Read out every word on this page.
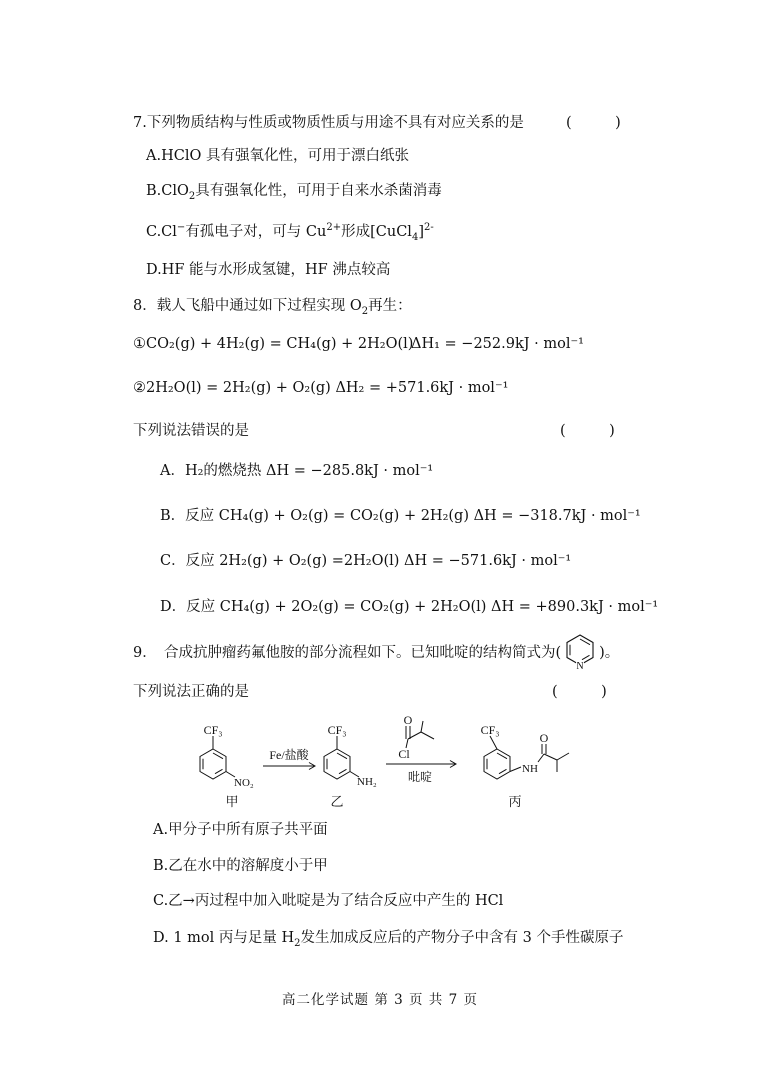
7.下列物质结构与性质或物质性质与用途不具有对应关系的是	(　　　)
A.HClO 具有强氧化性，可用于漂白纸张
B.ClO$_2$具有强氧化性，可用于自来水杀菌消毒
C.Cl−有孤电子对，可与 $Cu^{2+}$形成[CuCl$_4$]$^{2-}$
D.HF 能与水形成氢键，HF 沸点较高
8．载人飞船中通过如下过程实现 $O_2$再生：
①CO₂(g) + 4H₂(g) = CH₄(g) + 2H₂O(l)
ΔH₁ = −252.9kJ · mol⁻¹
②2H₂O(l) = 2H₂(g) + O₂(g) ΔH₂ = +571.6kJ · mol⁻¹
下列说法错误的是	(　　　)
A．H₂的燃烧热 ΔH = −285.8kJ · mol⁻¹
B．反应 CH₄(g) + O₂(g) = CO₂(g) + 2H₂(g) ΔH = −318.7kJ · mol⁻¹
C．反应 2H₂(g) + O₂(g) =2H₂O(l) ΔH = −571.6kJ · mol⁻¹
D．反应 CH₄(g) + 2O₂(g) = CO₂(g) + 2H₂O(l) ΔH = +890.3kJ · mol⁻¹
9．　合成抗肿瘤药氟他胺的部分流程如下。已知吡啶的结构简式为(
N
)。
下列说法正确的是	(　　　)
CF₃
NO₂
甲
Fe/盐酸
CF₃
NH₂
乙
O
Cl
吡啶
CF₃
NH
O
丙
A.甲分子中所有原子共平面
B.乙在水中的溶解度小于甲
C.乙→丙过程中加入吡啶是为了结合反应中产生的 HCl
D. 1 mol 丙与足量 $H_2$发生加成反应后的产物分子中含有 3 个手性碳原子
高二化学试题 第 3 页 共 7 页
